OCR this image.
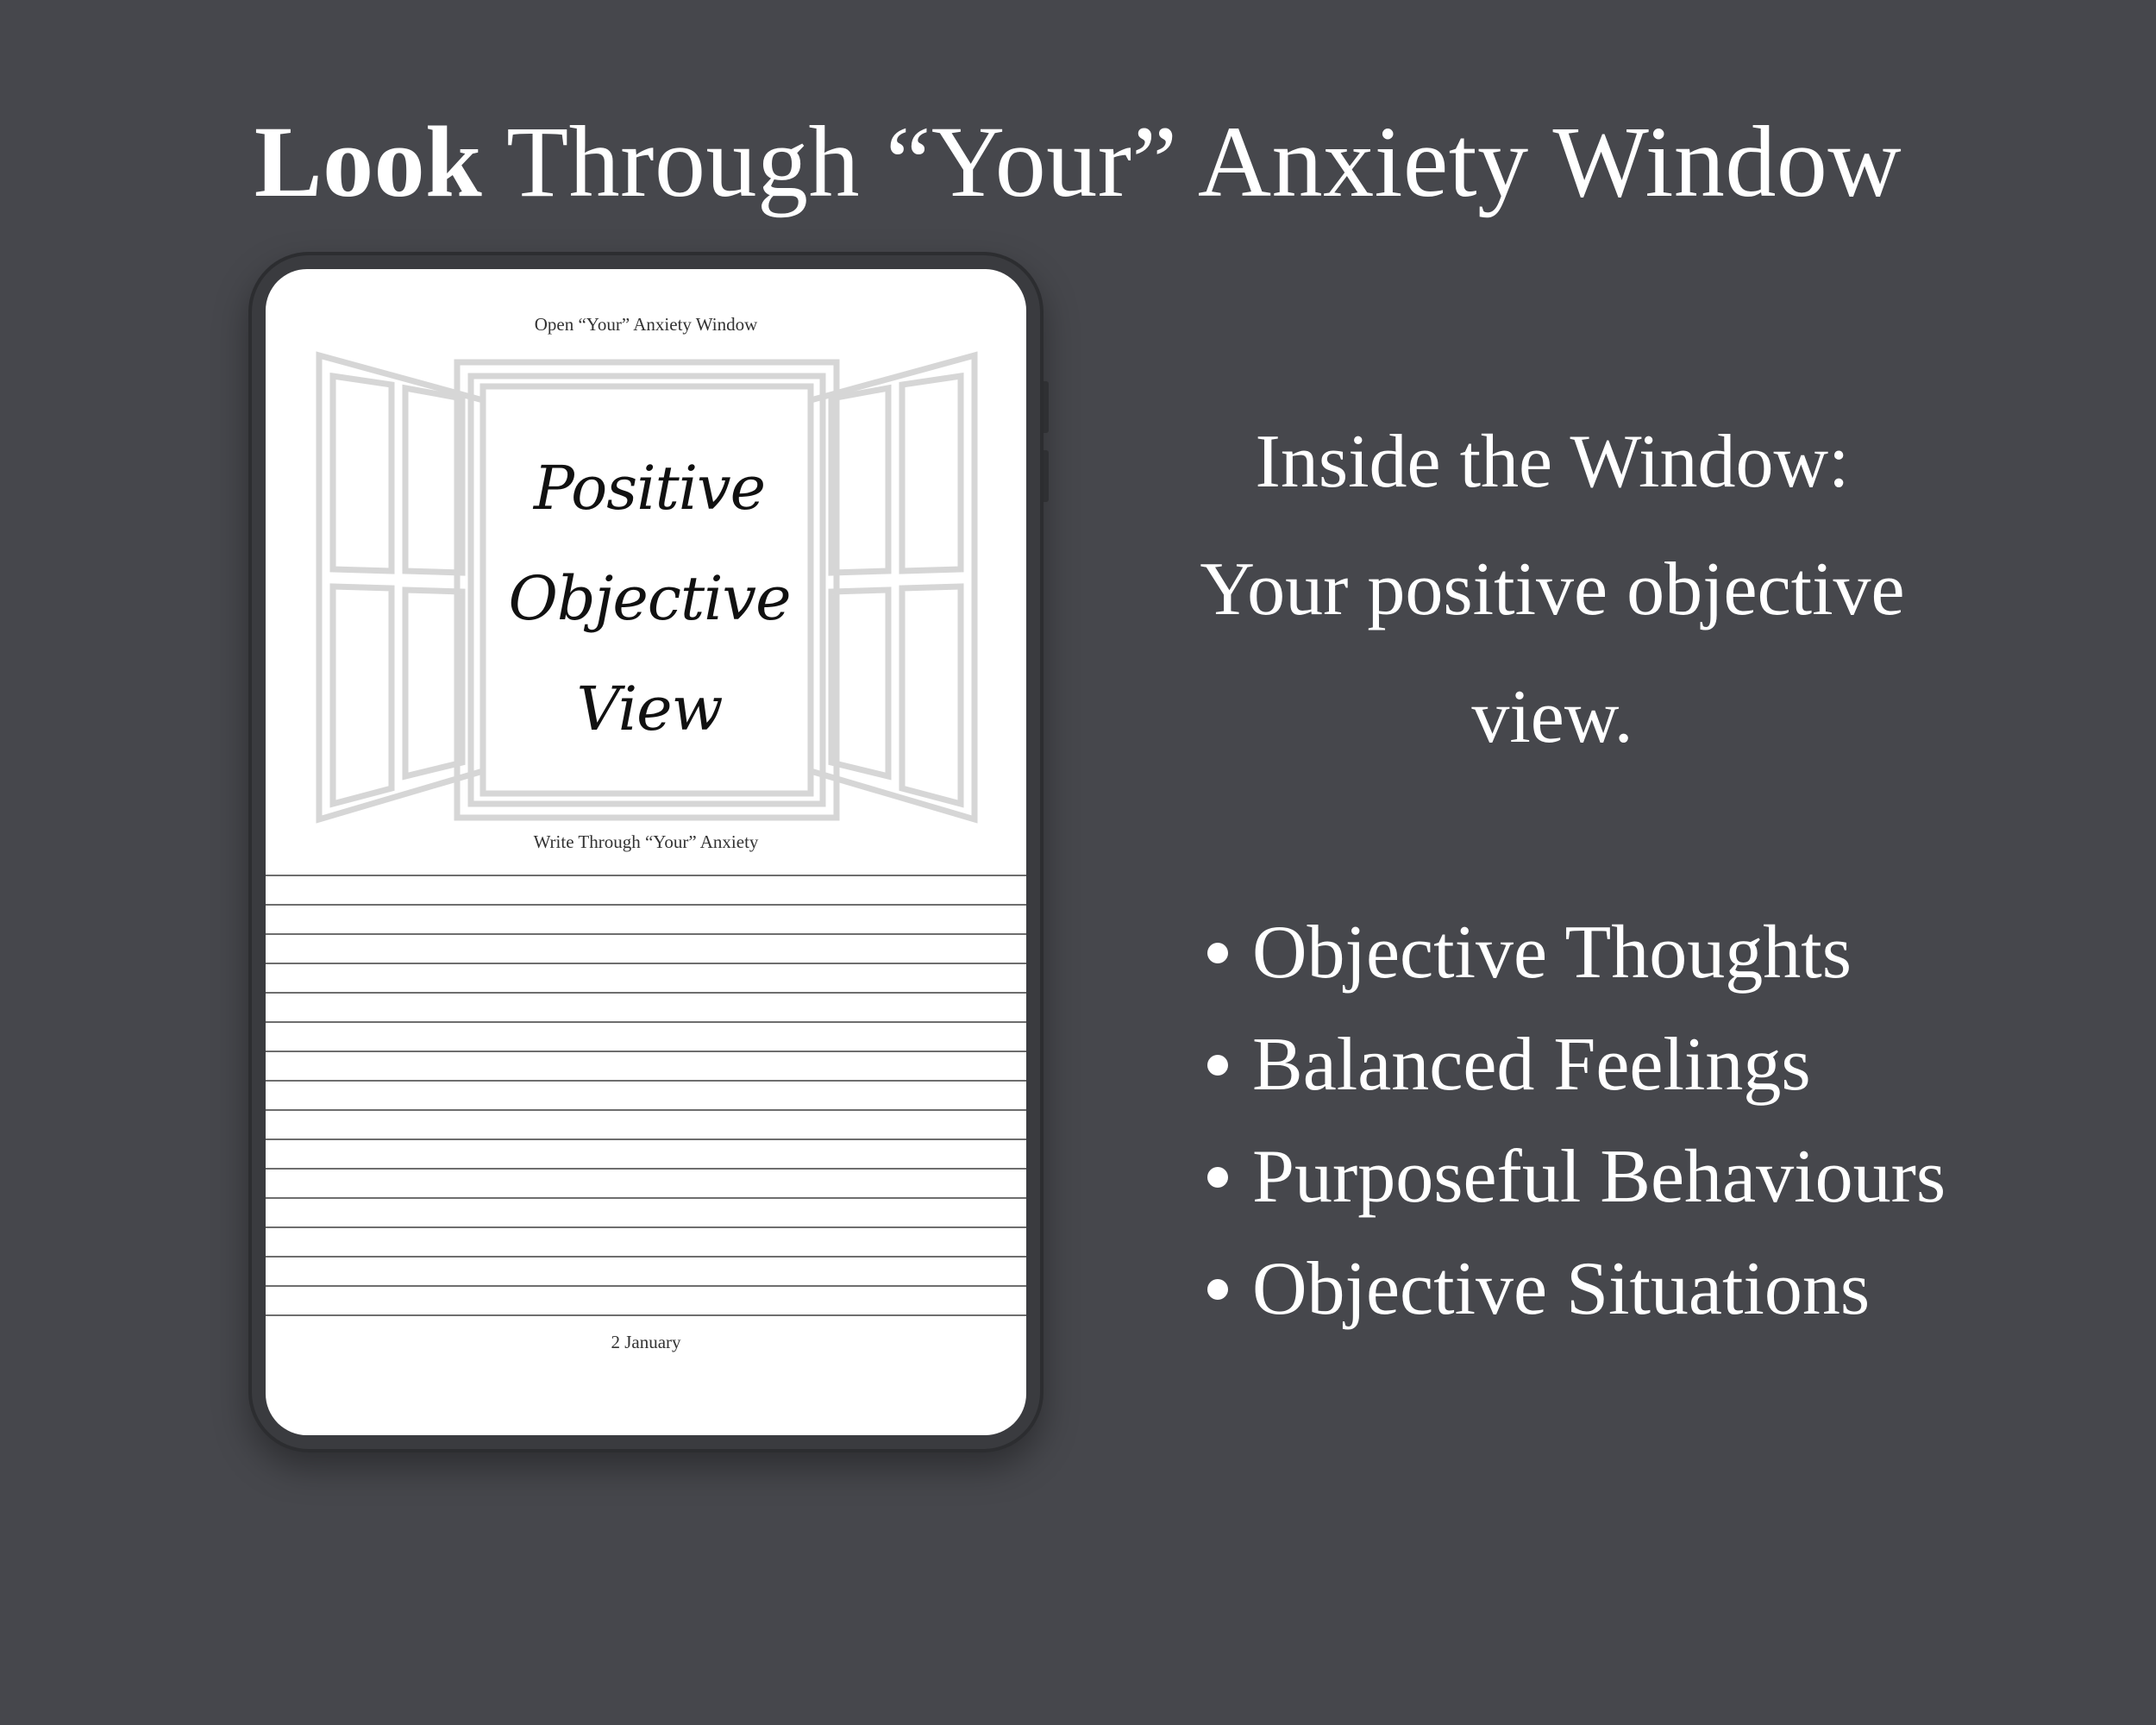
Look Through “Your” Anxiety Window
Open “Your” Anxiety Window
Positive
Objective
View
Write Through “Your” Anxiety
2 January
Inside the Window:
Your positive objective
view.
Objective Thoughts
Balanced Feelings
Purposeful Behaviours
Objective Situations
